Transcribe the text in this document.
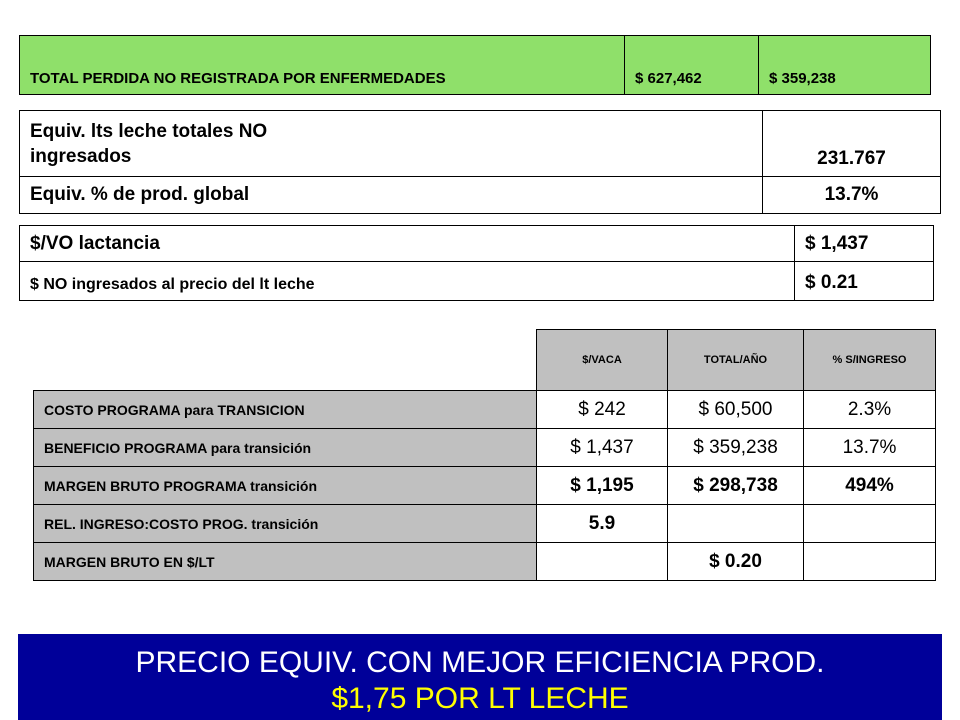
TOTAL PERDIDA NO REGISTRADA POR ENFERMEDADES	$ 627,462	$ 359,238
Equiv. lts leche totales NO ingresados	231.767
Equiv. % de prod. global	13.7%
$/VO lactancia	$ 1,437
$ NO ingresados al precio del lt leche	$ 0.21
	$/VACA	TOTAL/AÑO	% S/INGRESO
COSTO PROGRAMA para TRANSICION	$ 242	$ 60,500	2.3%
BENEFICIO PROGRAMA para transición	$ 1,437	$ 359,238	13.7%
MARGEN BRUTO PROGRAMA transición	$ 1,195	$ 298,738	494%
REL. INGRESO:COSTO PROG. transición	5.9		
MARGEN BRUTO EN $/LT		$ 0.20	
PRECIO EQUIV. CON MEJOR EFICIENCIA PROD.
$1,75 POR LT LECHE
